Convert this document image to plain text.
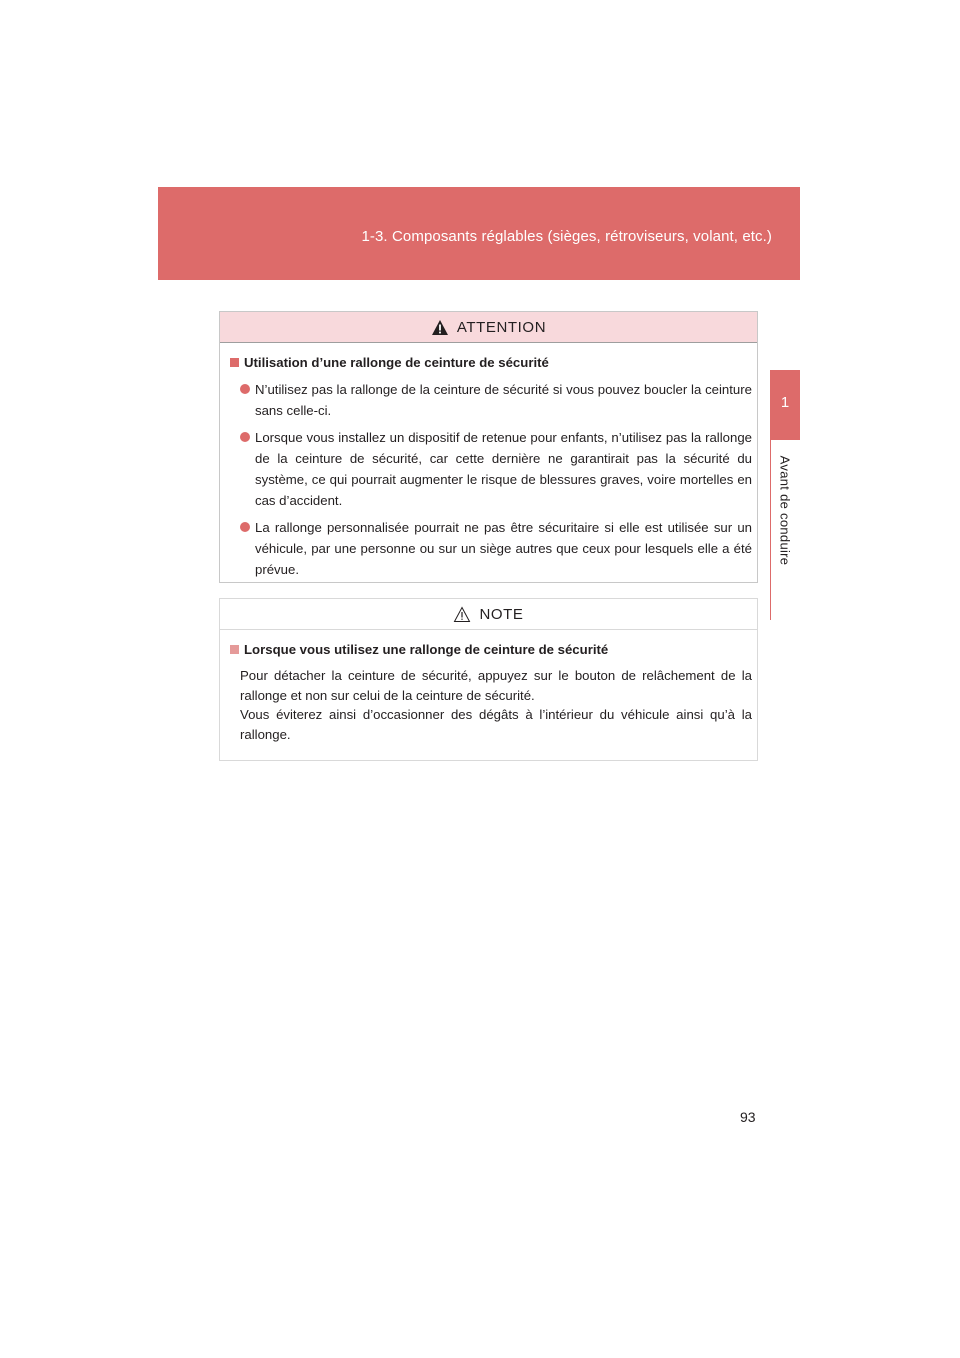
1-3. Composants réglables (sièges, rétroviseurs, volant, etc.)
1
Avant de conduire
ATTENTION
Utilisation d’une rallonge de ceinture de sécurité
N’utilisez pas la rallonge de la ceinture de sécurité si vous pouvez boucler la ceinture sans celle-ci.
Lorsque vous installez un dispositif de retenue pour enfants, n’utilisez pas la rallonge de la ceinture de sécurité, car cette dernière ne garantirait pas la sécurité du système, ce qui pourrait augmenter le risque de blessures graves, voire mortelles en cas d’accident.
La rallonge personnalisée pourrait ne pas être sécuritaire si elle est utilisée sur un véhicule, par une personne ou sur un siège autres que ceux pour lesquels elle a été prévue.
NOTE
Lorsque vous utilisez une rallonge de ceinture de sécurité

Pour détacher la ceinture de sécurité, appuyez sur le bouton de relâchement de la rallonge et non sur celui de la ceinture de sécurité.

Vous éviterez ainsi d’occasionner des dégâts à l’intérieur du véhicule ainsi qu’à la rallonge.

93
